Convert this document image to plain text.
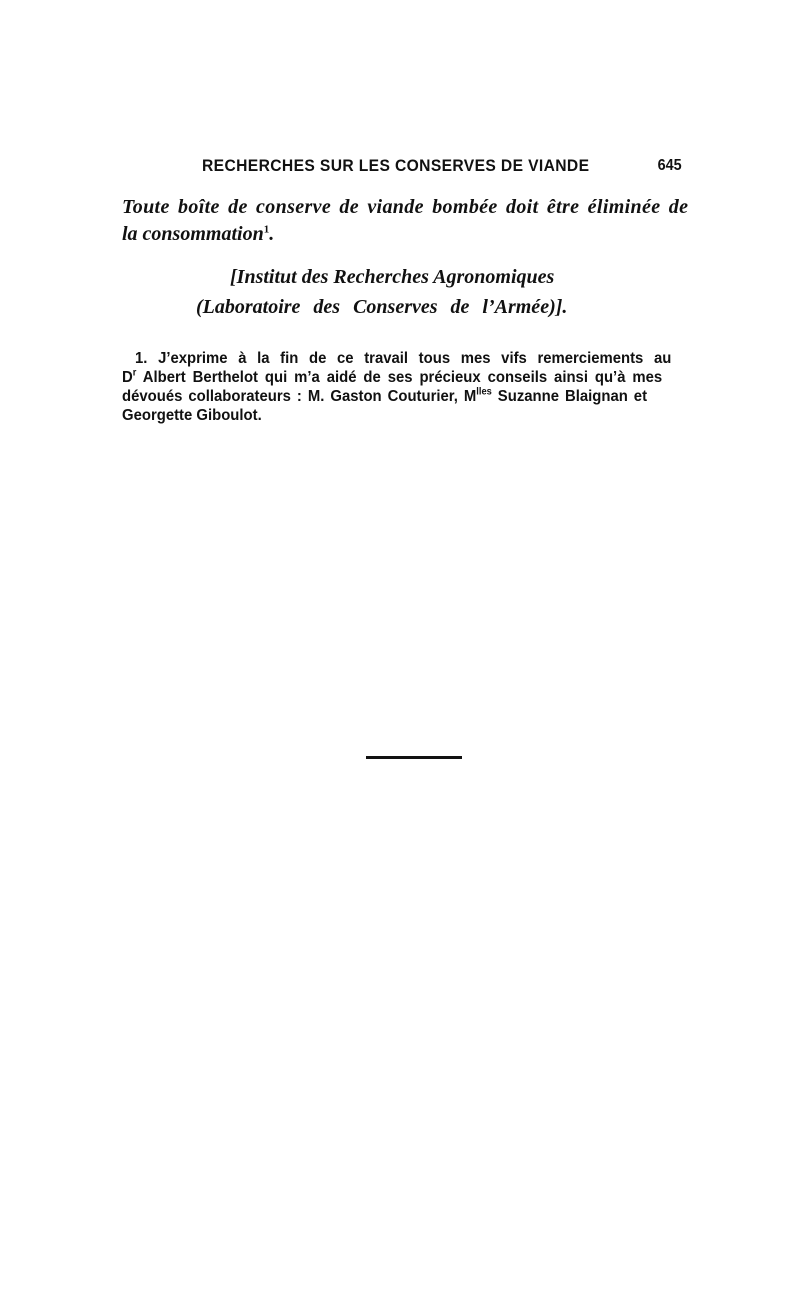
RECHERCHES SUR LES CONSERVES DE VIANDE	645
Toute boîte de conserve de viande bombée doit être éliminée de
la consommation$^1$.
[Institut des Recherches Agronomiques
(Laboratoire des Conserves de l’Armée)].
1. J’exprime à la fin de ce travail tous mes vifs remerciements au
$D^r$ Albert Berthelot qui m’a aidé de ses précieux conseils ainsi qu’à mes
dévoués collaborateurs : M. Gaston Couturier, $M^{lles}$ Suzanne Blaignan et
Georgette Giboulot.
